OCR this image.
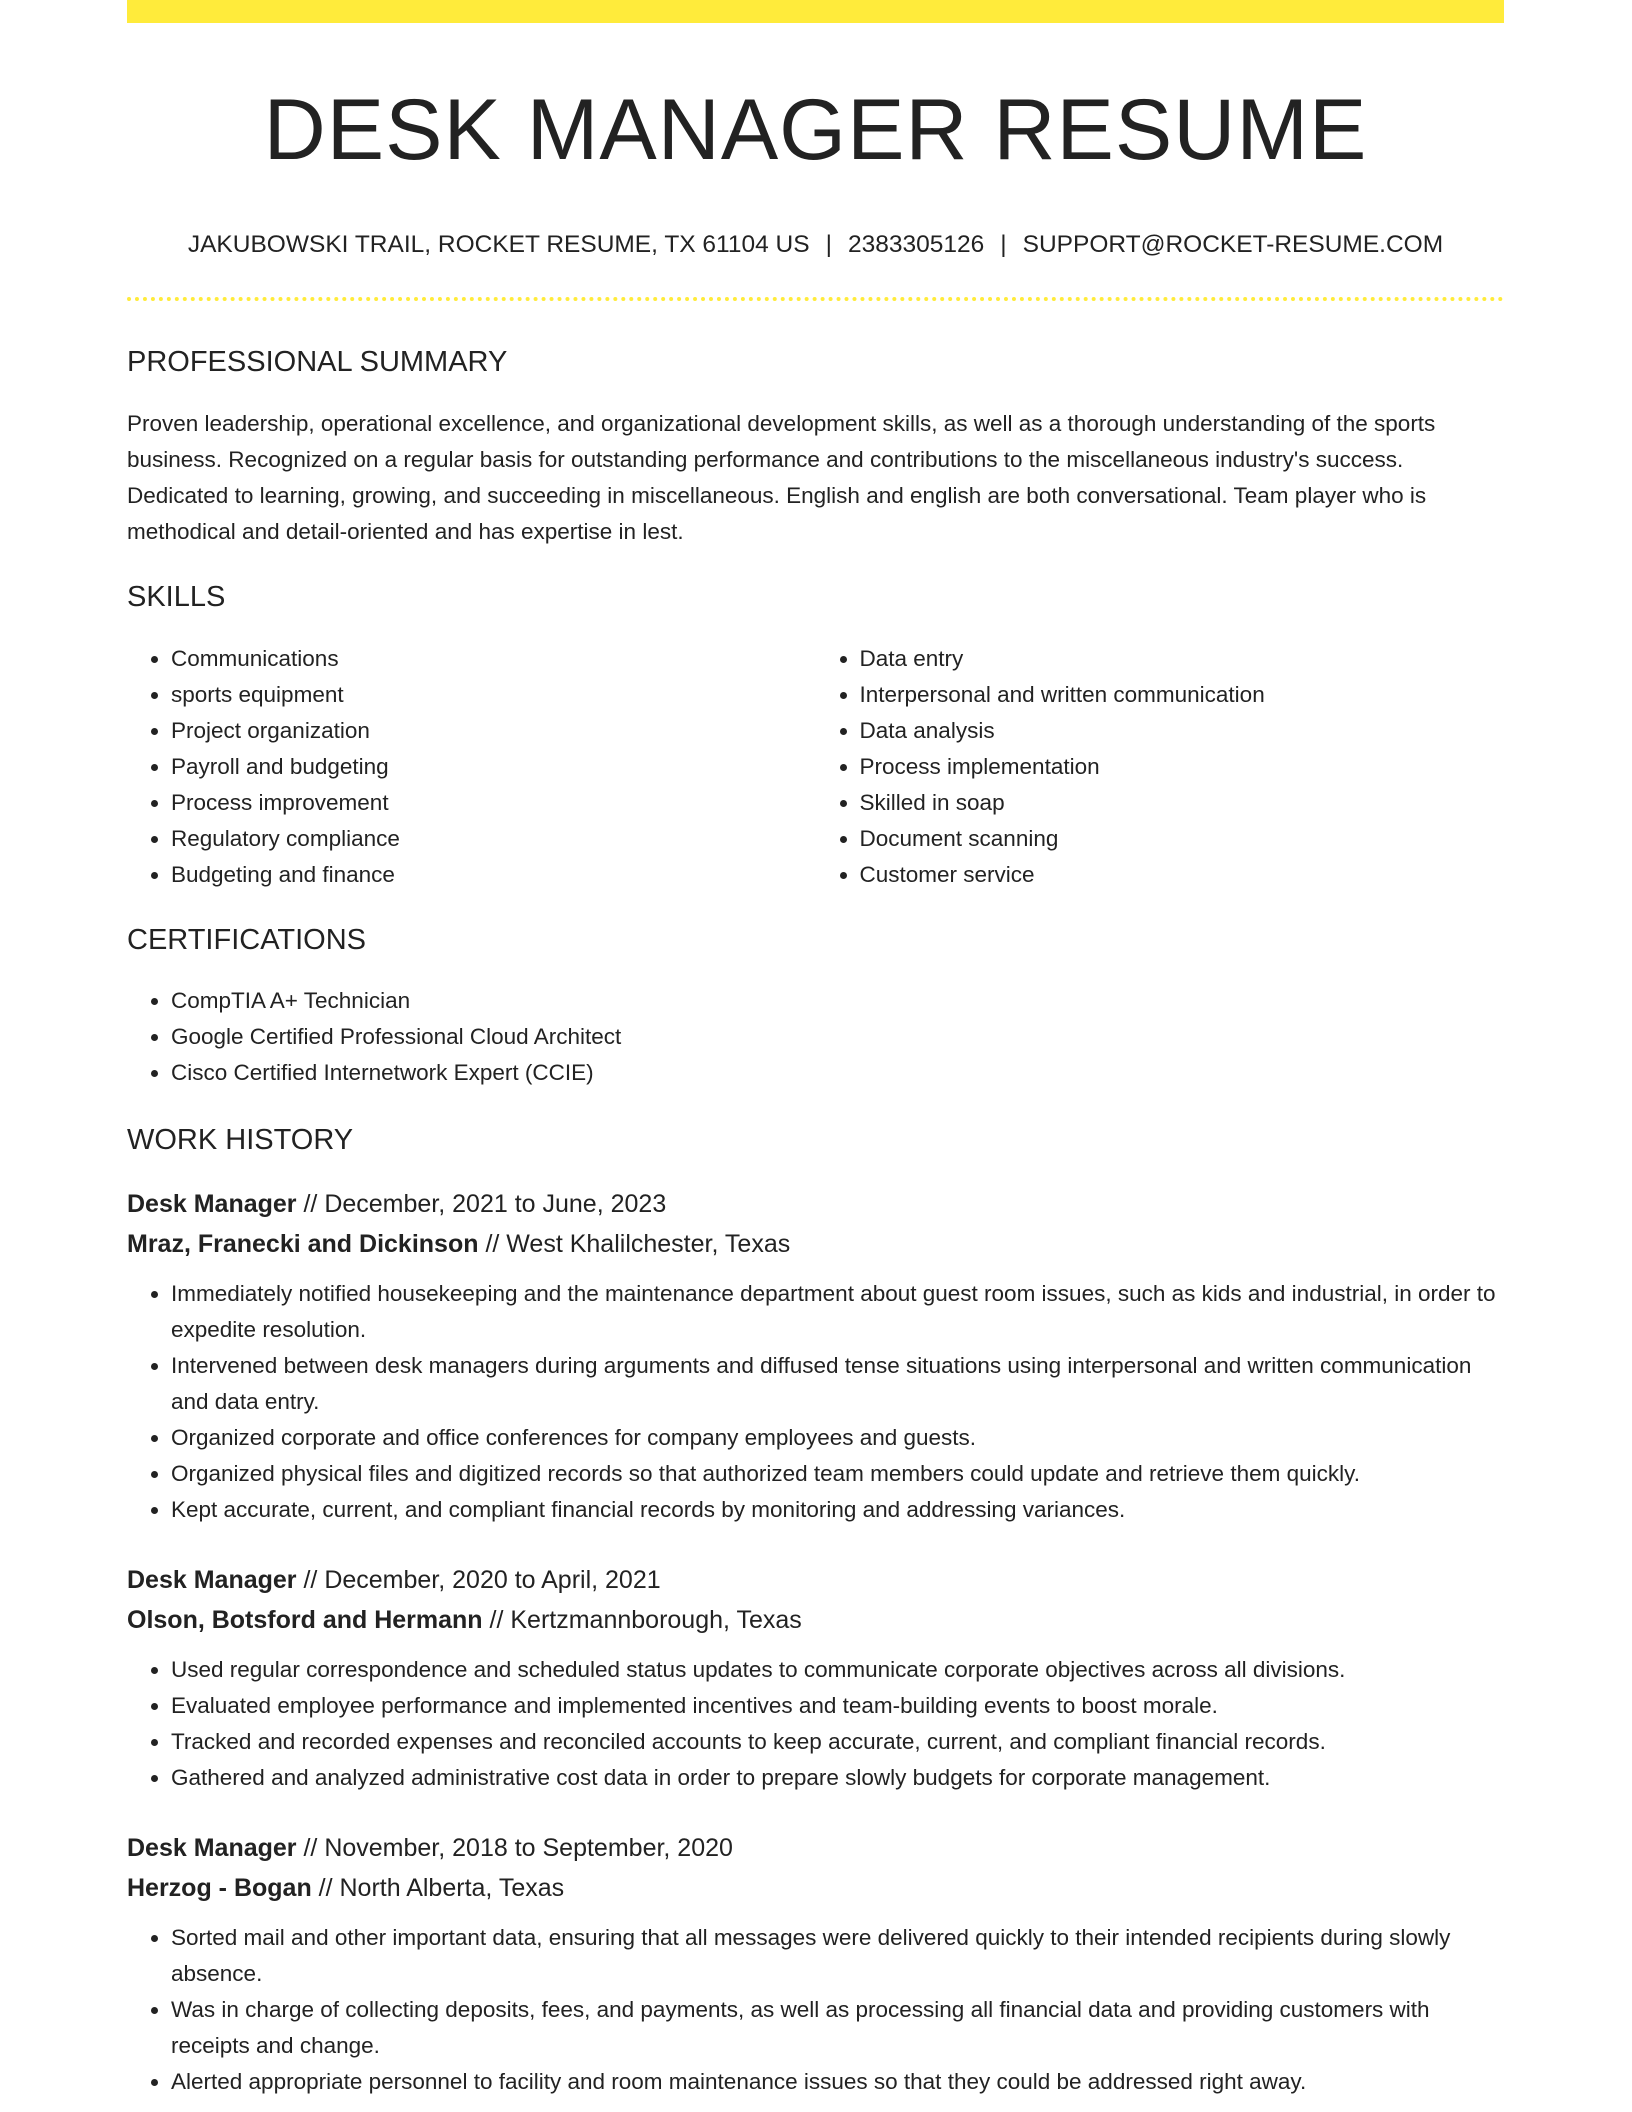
DESK MANAGER RESUME
JAKUBOWSKI TRAIL, ROCKET RESUME, TX 61104 US | 2383305126 | SUPPORT@ROCKET-RESUME.COM
PROFESSIONAL SUMMARY
Proven leadership, operational excellence, and organizational development skills, as well as a thorough understanding of the sports business. Recognized on a regular basis for outstanding performance and contributions to the miscellaneous industry's success. Dedicated to learning, growing, and succeeding in miscellaneous. English and english are both conversational. Team player who is methodical and detail-oriented and has expertise in lest.
SKILLS
• Communications
• sports equipment
• Project organization
• Payroll and budgeting
• Process improvement
• Regulatory compliance
• Budgeting and finance
• Data entry
• Interpersonal and written communication
• Data analysis
• Process implementation
• Skilled in soap
• Document scanning
• Customer service
CERTIFICATIONS
• CompTIA A+ Technician
• Google Certified Professional Cloud Architect
• Cisco Certified Internetwork Expert (CCIE)
WORK HISTORY
Desk Manager // December, 2021 to June, 2023
Mraz, Franecki and Dickinson // West Khalilchester, Texas
• Immediately notified housekeeping and the maintenance department about guest room issues, such as kids and industrial, in order to expedite resolution.
• Intervened between desk managers during arguments and diffused tense situations using interpersonal and written communication and data entry.
• Organized corporate and office conferences for company employees and guests.
• Organized physical files and digitized records so that authorized team members could update and retrieve them quickly.
• Kept accurate, current, and compliant financial records by monitoring and addressing variances.
Desk Manager // December, 2020 to April, 2021
Olson, Botsford and Hermann // Kertzmannborough, Texas
• Used regular correspondence and scheduled status updates to communicate corporate objectives across all divisions.
• Evaluated employee performance and implemented incentives and team-building events to boost morale.
• Tracked and recorded expenses and reconciled accounts to keep accurate, current, and compliant financial records.
• Gathered and analyzed administrative cost data in order to prepare slowly budgets for corporate management.
Desk Manager // November, 2018 to September, 2020
Herzog - Bogan // North Alberta, Texas
• Sorted mail and other important data, ensuring that all messages were delivered quickly to their intended recipients during slowly absence.
• Was in charge of collecting deposits, fees, and payments, as well as processing all financial data and providing customers with receipts and change.
• Alerted appropriate personnel to facility and room maintenance issues so that they could be addressed right away.
